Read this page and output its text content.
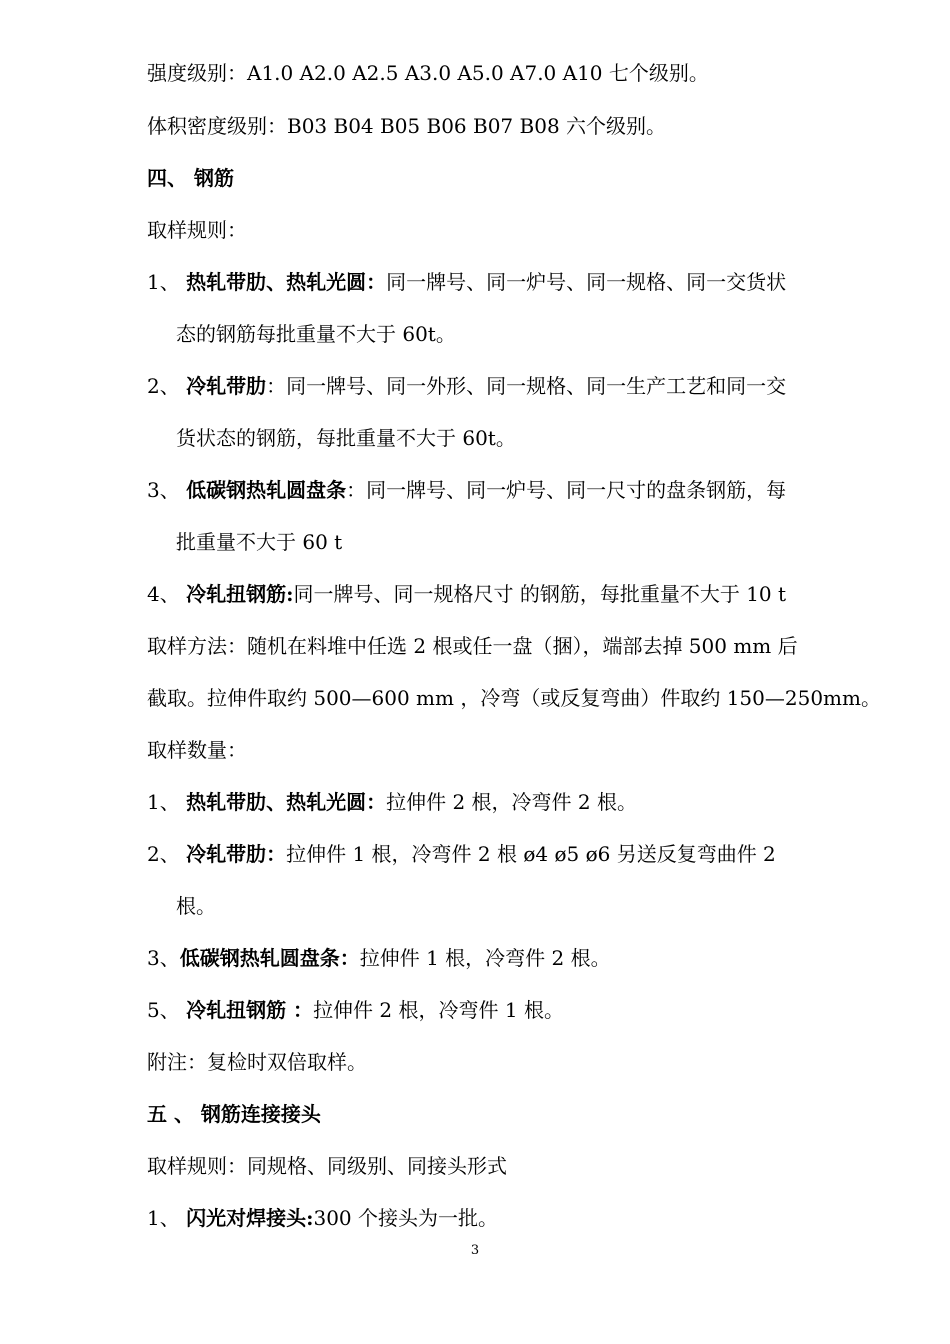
强度级别：A1.0 A2.0 A2.5 A3.0 A5.0 A7.0 A10 七个级别。
体积密度级别：B03 B04 B05 B06 B07 B08 六个级别。
四、 钢筋
取样规则：
1、 热轧带肋、热轧光圆：同一牌号、同一炉号、同一规格、同一交货状
态的钢筋每批重量不大于 60t。
2、 冷轧带肋：同一牌号、同一外形、同一规格、同一生产工艺和同一交
货状态的钢筋，每批重量不大于 60t。
3、 低碳钢热轧圆盘条：同一牌号、同一炉号、同一尺寸的盘条钢筋，每
批重量不大于 60 t
4、 冷轧扭钢筋:同一牌号、同一规格尺寸 的钢筋，每批重量不大于 10 t
取样方法：随机在料堆中任选 2 根或任一盘（捆），端部去掉 500 mm 后
截取。拉伸件取约 500—600 mm ，冷弯（或反复弯曲）件取约 150—250mm。
取样数量：
1、 热轧带肋、热轧光圆：拉伸件 2 根，冷弯件 2 根。
2、 冷轧带肋：拉伸件 1 根，冷弯件 2 根 ø4 ø5 ø6 另送反复弯曲件 2
根。
3、低碳钢热轧圆盘条：拉伸件 1 根，冷弯件 2 根。
5、 冷轧扭钢筋 ：拉伸件 2 根，冷弯件 1 根。
附注：复检时双倍取样。
五 、 钢筋连接接头
取样规则：同规格、同级别、同接头形式
1、 闪光对焊接头:300 个接头为一批。
3
